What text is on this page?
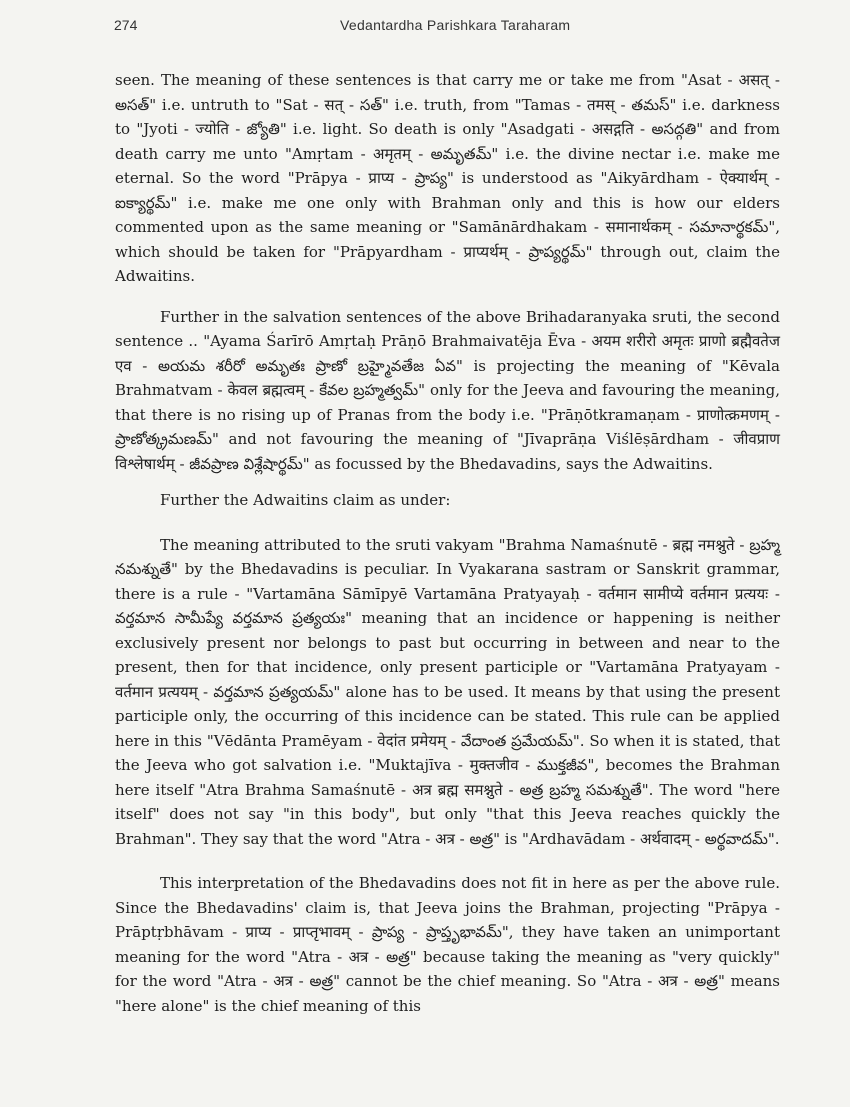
274	Vedantardha Parishkara Taraharam

seen. The meaning of these sentences is that carry me or take me from "Asat - असत् - అసత్" i.e. untruth to "Sat - सत् - సత్" i.e. truth, from "Tamas - तमस् - తమస్" i.e. darkness to "Jyoti - ज्योति - జ్యోతి" i.e. light. So death is only "Asadgati - असद्गति - అసద్గతి" and from death carry me unto "Amṛtam - अमृतम् - అమృతమ్" i.e. the divine nectar i.e. make me eternal. So the word "Prāpya - प्राप्य - ప్రాప్య" is understood as "Aikyārdham - ऐक्यार्थम् - ఐక్యార్థమ్" i.e. make me one only with Brahman only and this is how our elders commented upon as the same meaning or "Samānārdhakam - समानार्थकम् - సమానార్థకమ్", which should be taken for "Prāpyardham - प्राप्यर्थम् - ప్రాప్యర్థమ్" through out, claim the Adwaitins.

Further in the salvation sentences of the above Brihadaranyaka sruti, the second sentence .. "Ayama Śarīrō Amṛtaḥ Prāṇō Brahmaivatēja Ēva - अयम शरीरो अमृतः प्राणो ब्रह्मैवतेज एव - అయమ శరీరో అమృతః ప్రాణో బ్రహ్మైవతేజ ఏవ" is projecting the meaning of "Kēvala Brahmatvam - केवल ब्रह्मत्वम् - కేవల బ్రహ్మత్వమ్" only for the Jeeva and favouring the meaning, that there is no rising up of Pranas from the body i.e. "Prāṇōtkramaṇam - प्राणोत्क्रमणम् - ప్రాణోత్క్రమణమ్" and not favouring the meaning of "Jīvaprāṇa Viślēṣārdham - जीवप्राण विश्लेषार्थम् - జీవప్రాణ విశ్లేషార్థమ్" as focussed by the Bhedavadins, says the Adwaitins.

Further the Adwaitins claim as under:

The meaning attributed to the sruti vakyam "Brahma Namaśnutē - ब्रह्म नमश्नुते - బ్రహ్మ నమశ్నుతే" by the Bhedavadins is peculiar. In Vyakarana sastram or Sanskrit grammar, there is a rule - "Vartamāna Sāmīpyē Vartamāna Pratyayaḥ - वर्तमान सामीप्ये वर्तमान प्रत्ययः - వర్తమాన సామీప్యే వర్తమాన ప్రత్యయః" meaning that an incidence or happening is neither exclusively present nor belongs to past but occurring in between and near to the present, then for that incidence, only present participle or "Vartamāna Pratyayam - वर्तमान प्रत्ययम् - వర్తమాన ప్రత్యయమ్" alone has to be used. It means by that using the present participle only, the occurring of this incidence can be stated. This rule can be applied here in this "Vēdānta Pramēyam - वेदांत प्रमेयम् - వేదాంత ప్రమేయమ్". So when it is stated, that the Jeeva who got salvation i.e. "Muktajīva - मुक्तजीव - ముక్తజీవ", becomes the Brahman here itself "Atra Brahma Samaśnutē - अत्र ब्रह्म समश्नुते - అత్ర బ్రహ్మ సమశ్నుతే". The word "here itself" does not say "in this body", but only "that this Jeeva reaches quickly the Brahman". They say that the word "Atra - अत्र - అత్ర" is "Ardhavādam - अर्थवादम् - అర్థవాదమ్".

This interpretation of the Bhedavadins does not fit in here as per the above rule. Since the Bhedavadins' claim is, that Jeeva joins the Brahman, projecting "Prāpya - Prāptṛbhāvam - प्राप्य - प्राप्तृभावम् - ప్రాప్య - ప్రాప్తృభావమ్", they have taken an unimportant meaning for the word "Atra - अत्र - అత్ర" because taking the meaning as "very quickly" for the word "Atra - अत्र - అత్ర" cannot be the chief meaning. So "Atra - अत्र - అత్ర" means "here alone" is the chief meaning of this
